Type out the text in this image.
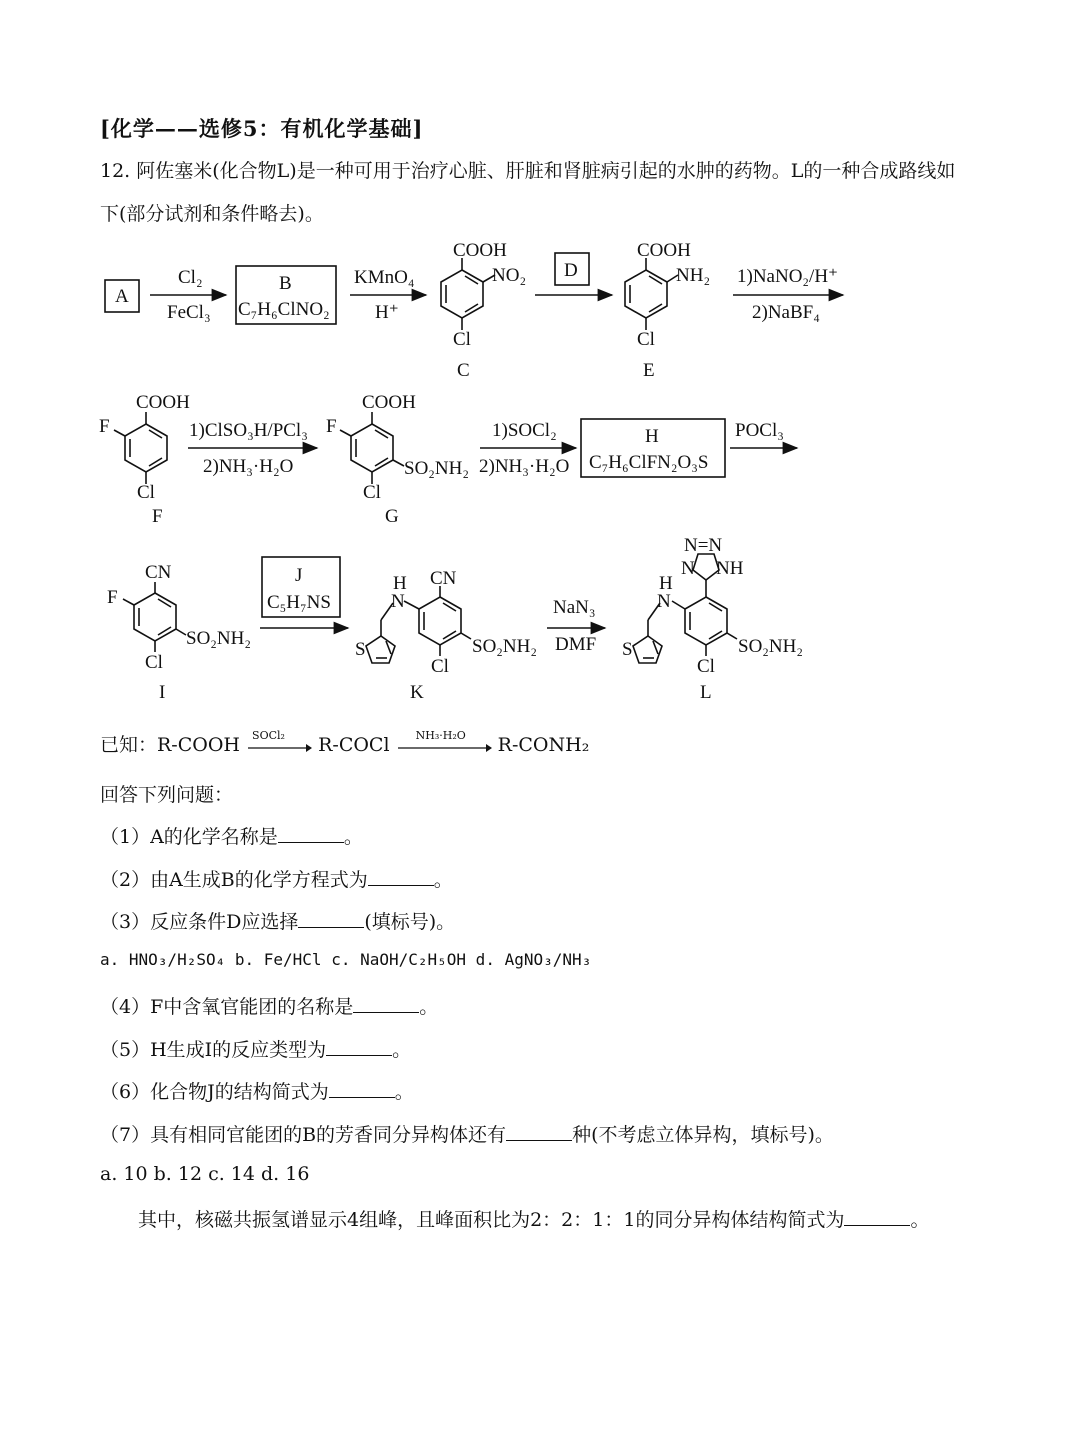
[化学——选修5：有机化学基础]
12. 阿佐塞米(化合物L)是一种可用于治疗心脏、肝脏和肾脏病引起的水肿的药物。L的一种合成路线如
下(部分试剂和条件略去)。
A
Cl₂
FeCl₃
B
C₇H₆ClNO₂
KMnO₄
H⁺
COOH
NO₂
Cl
C
D
COOH
NH₂
Cl
E
1)NaNO₂/H⁺
2)NaBF₄
COOH
F
Cl
F
1)ClSO₃H/PCl₃
2)NH₃·H₂O
COOH
F
SO₂NH₂
Cl
G
1)SOCl₂
2)NH₃·H₂O
H
C₇H₆ClFN₂O₃S
POCl₃
CN
F
SO₂NH₂
Cl
I
J
C₅H₇NS
H
N
CN
SO₂NH₂
Cl
S
K
NaN₃
DMF
H
N
SO₂NH₂
Cl
S
N=N
N NH
L
已知：R-COOH SOCl₂ R-COCl NH₃·H₂O R-CONH₂
回答下列问题：
（1）A的化学名称是	。
（2）由A生成B的化学方程式为	。
（3）反应条件D应选择	(填标号)。
a. HNO₃/H₂SO₄ b. Fe/HCl c. NaOH/C₂H₅OH d. AgNO₃/NH₃
（4）F中含氧官能团的名称是	。
（5）H生成I的反应类型为	。
（6）化合物J的结构简式为	。
（7）具有相同官能团的B的芳香同分异构体还有	种(不考虑立体异构，填标号)。
a. 10 b. 12 c. 14 d. 16
其中，核磁共振氢谱显示4组峰，且峰面积比为2：2：1：1的同分异构体结构简式为	。
